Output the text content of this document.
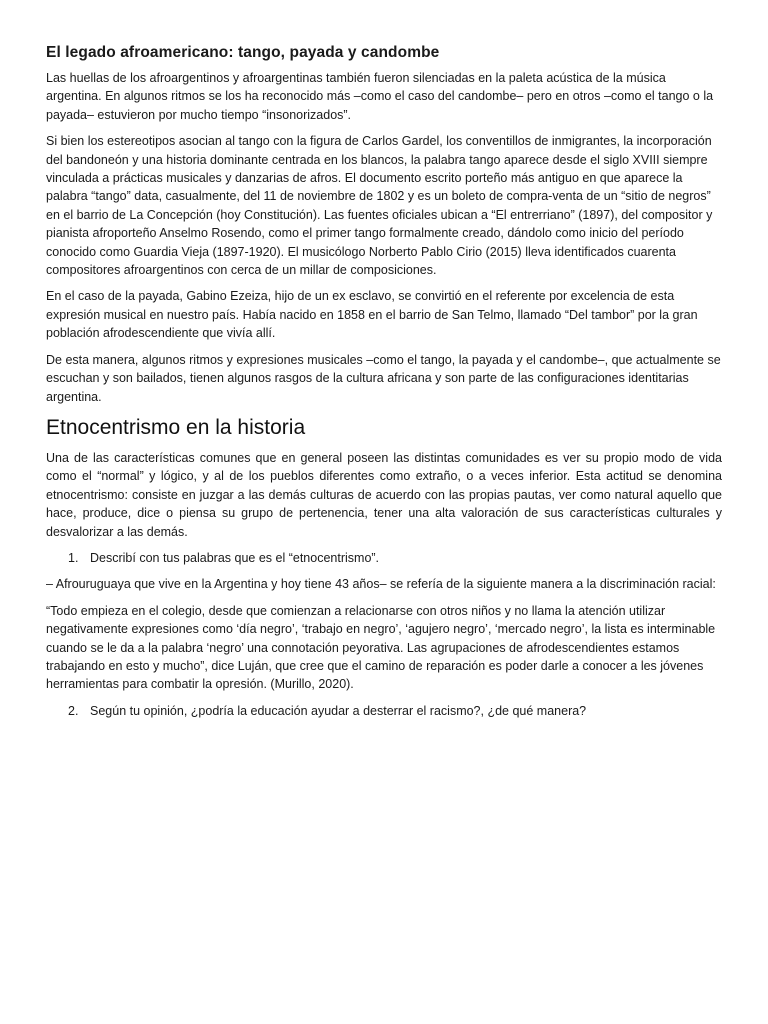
El legado afroamericano: tango, payada y candombe

Las huellas de los afroargentinos y afroargentinas también fueron silenciadas en la paleta acústica de la música argentina. En algunos ritmos se los ha reconocido más –como el caso del candombe– pero en otros –como el tango o la payada– estuvieron por mucho tiempo “insonorizados”.

Si bien los estereotipos asocian al tango con la figura de Carlos Gardel, los conventillos de inmigrantes, la incorporación del bandoneón y una historia dominante centrada en los blancos, la palabra tango aparece desde el siglo XVIII siempre vinculada a prácticas musicales y danzarias de afros. El documento escrito porteño más antiguo en que aparece la palabra “tango” data, casualmente, del 11 de noviembre de 1802 y es un boleto de compra-venta de un “sitio de negros” en el barrio de La Concepción (hoy Constitución). Las fuentes oficiales ubican a “El entrerriano” (1897), del compositor y pianista afroporteño Anselmo Rosendo, como el primer tango formalmente creado, dándolo como inicio del período conocido como Guardia Vieja (1897-1920). El musicólogo Norberto Pablo Cirio (2015) lleva identificados cuarenta compositores afroargentinos con cerca de un millar de composiciones.

En el caso de la payada, Gabino Ezeiza, hijo de un ex esclavo, se convirtió en el referente por excelencia de esta expresión musical en nuestro país. Había nacido en 1858 en el barrio de San Telmo, llamado “Del tambor” por la gran población afrodescendiente que vivía allí.

De esta manera, algunos ritmos y expresiones musicales –como el tango, la payada y el candombe–, que actualmente se escuchan y son bailados, tienen algunos rasgos de la cultura africana y son parte de las configuraciones identitarias argentina.

Etnocentrismo en la historia

Una de las características comunes que en general poseen las distintas comunidades es ver su propio modo de vida como el “normal” y lógico, y al de los pueblos diferentes como extraño, o a veces inferior. Esta actitud se denomina etnocentrismo: consiste en juzgar a las demás culturas de acuerdo con las propias pautas, ver como natural aquello que hace, produce, dice o piensa su grupo de pertenencia, tener una alta valoración de sus características culturales y desvalorizar a las demás.

1. Describí con tus palabras que es el “etnocentrismo”.

– Afrouruguaya que vive en la Argentina y hoy tiene 43 años– se refería de la siguiente manera a la discriminación racial:

“Todo empieza en el colegio, desde que comienzan a relacionarse con otros niños y no llama la atención utilizar negativamente expresiones como ‘día negro’, ‘trabajo en negro’, ‘agujero negro’, ‘mercado negro’, la lista es interminable cuando se le da a la palabra ‘negro’ una connotación peyorativa. Las agrupaciones de afrodescendientes estamos trabajando en esto y mucho”, dice Luján, que cree que el camino de reparación es poder darle a conocer a les jóvenes herramientas para combatir la opresión. (Murillo, 2020).

2. Según tu opinión, ¿podría la educación ayudar a desterrar el racismo?, ¿de qué manera?
